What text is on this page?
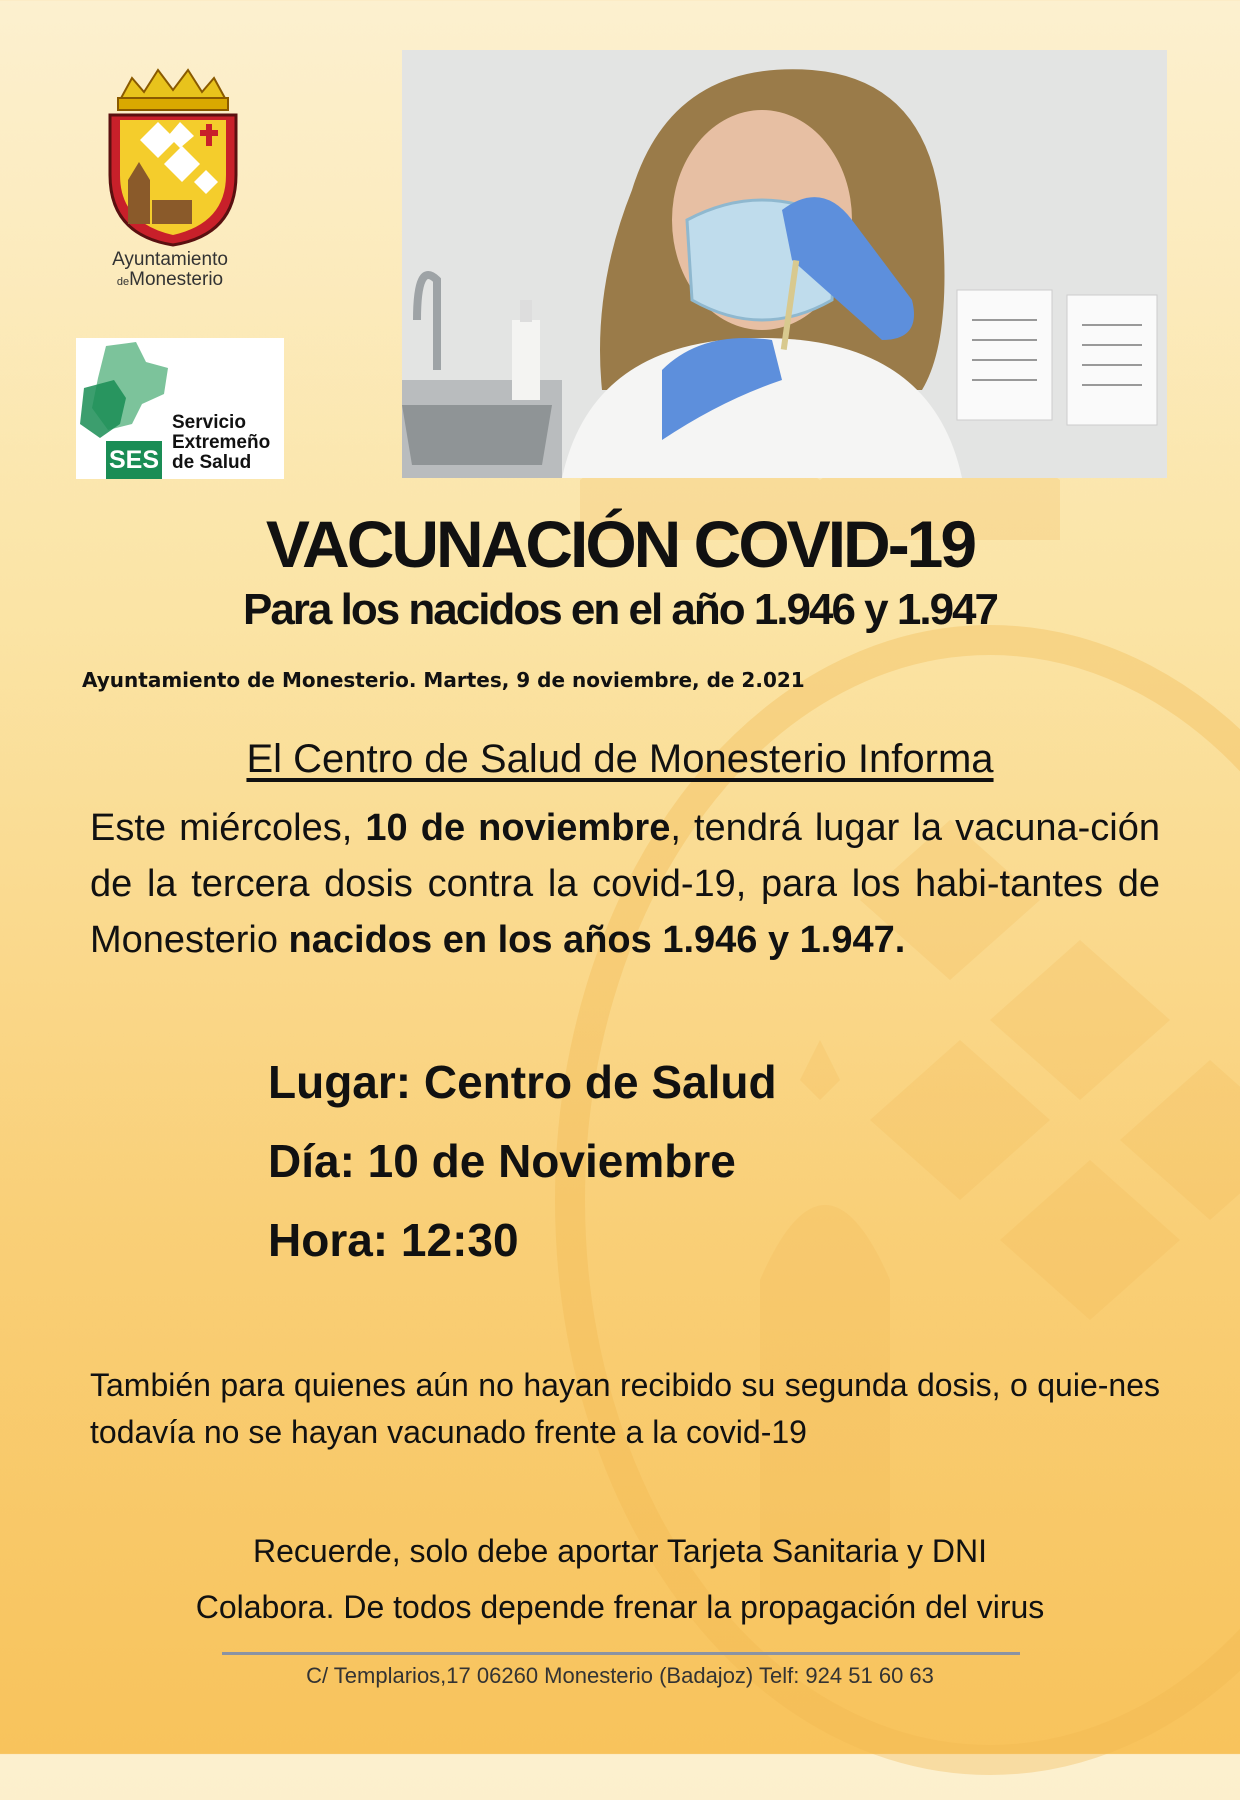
Ayuntamiento
deMonesterio
Servicio
Extremeño
de Salud
SES
VACUNACIÓN COVID-19
Para los nacidos en el año 1.946 y 1.947
Ayuntamiento de Monesterio. Martes, 9 de noviembre, de 2.021
El Centro de Salud de Monesterio Informa
Este miércoles, 10 de noviembre, tendrá lugar la vacuna-ción de la tercera dosis contra la covid-19, para los habi-tantes de Monesterio nacidos en los años 1.946 y 1.947.
Lugar: Centro de Salud
Día: 10 de Noviembre
Hora: 12:30
También para quienes aún no hayan recibido su segunda dosis, o quie-nes todavía no se hayan vacunado frente a la covid-19
Recuerde, solo debe aportar Tarjeta Sanitaria y DNI
Colabora. De todos depende frenar la propagación del virus
C/ Templarios,17 06260 Monesterio (Badajoz) Telf: 924 51 60 63
